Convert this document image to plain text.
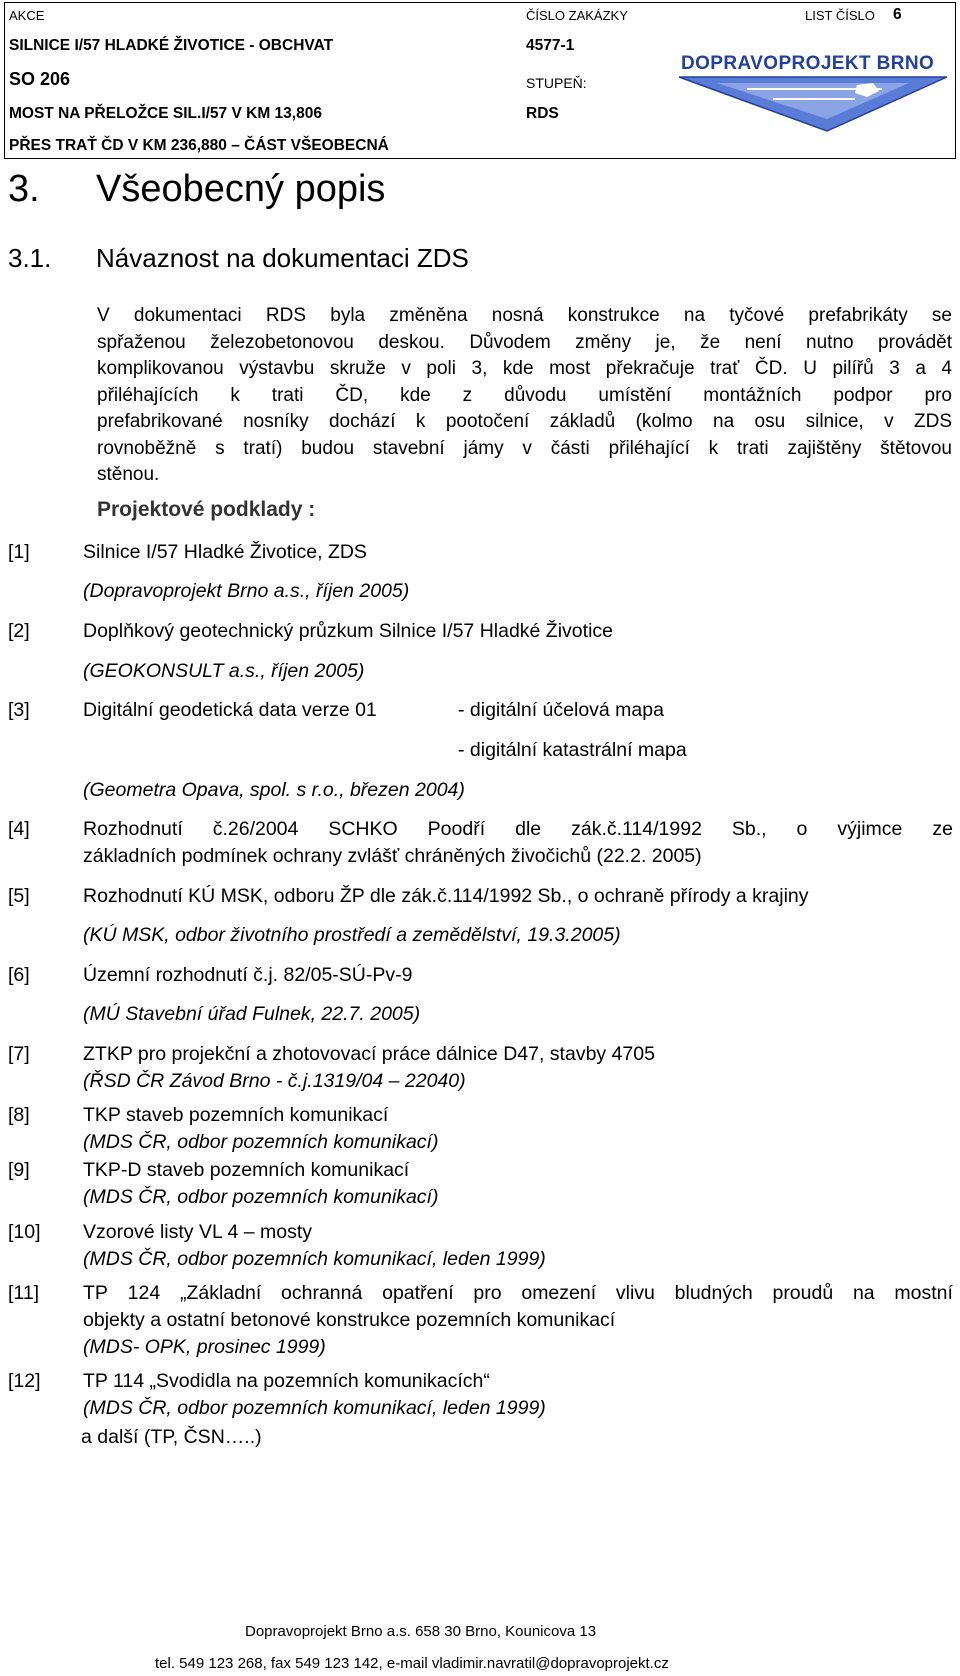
AKCE	ČÍSLO ZAKÁZKY	LIST ČÍSLO 6
SILNICE I/57 HLADKÉ ŽIVOTICE - OBCHVAT	4577-1
SO 206	STUPEŇ:
MOST NA PŘELOŽCE SIL.I/57 V KM 13,806	RDS
PŘES TRAŤ ČD V KM 236,880 – ČÁST VŠEOBECNÁ
DOPRAVOPROJEKT BRNO
3. Všeobecný popis
3.1. Návaznost na dokumentaci ZDS
V dokumentaci RDS byla změněna nosná konstrukce na tyčové prefabrikáty se
spřaženou železobetonovou deskou. Důvodem změny je, že není nutno provádět
komplikovanou výstavbu skruže v poli 3, kde most překračuje trať ČD. U pilířů 3 a 4
přiléhajících k trati ČD, kde z důvodu umístění montážních podpor pro
prefabrikované nosníky dochází k pootočení základů (kolmo na osu silnice, v ZDS
rovnoběžně s tratí) budou stavební jámy v části přiléhající k trati zajištěny štětovou
stěnou.
Projektové podklady :
[1]	Silnice I/57 Hladké Životice, ZDS
(Dopravoprojekt Brno a.s., říjen 2005)
[2]	Doplňkový geotechnický průzkum Silnice I/57 Hladké Životice
(GEOKONSULT a.s., říjen 2005)
[3]	Digitální geodetická data verze 01	- digitální účelová mapa
- digitální katastrální mapa
(Geometra Opava, spol. s r.o., březen 2004)
[4]	Rozhodnutí č.26/2004 SCHKO Poodří dle zák.č.114/1992 Sb., o výjimce ze
základních podmínek ochrany zvlášť chráněných živočichů (22.2. 2005)
[5]	Rozhodnutí KÚ MSK, odboru ŽP dle zák.č.114/1992 Sb., o ochraně přírody a krajiny
(KÚ MSK, odbor životního prostředí a zemědělství, 19.3.2005)
[6]	Územní rozhodnutí č.j. 82/05-SÚ-Pv-9
(MÚ Stavební úřad Fulnek, 22.7. 2005)
[7]	ZTKP pro projekční a zhotovovací práce dálnice D47, stavby 4705
(ŘSD ČR Závod Brno - č.j.1319/04 – 22040)
[8]	TKP staveb pozemních komunikací
(MDS ČR, odbor pozemních komunikací)
[9]	TKP-D staveb pozemních komunikací
(MDS ČR, odbor pozemních komunikací)
[10] Vzorové listy VL 4 – mosty
(MDS ČR, odbor pozemních komunikací, leden 1999)
[11] TP 124 „Základní ochranná opatření pro omezení vlivu bludných proudů na mostní
objekty a ostatní betonové konstrukce pozemních komunikací
(MDS- OPK, prosinec 1999)
[12] TP 114 „Svodidla na pozemních komunikacích“
(MDS ČR, odbor pozemních komunikací, leden 1999)
a další (TP, ČSN…..)
Dopravoprojekt Brno a.s. 658 30 Brno, Kounicova 13
tel. 549 123 268, fax 549 123 142, e-mail vladimir.navratil@dopravoprojekt.cz
